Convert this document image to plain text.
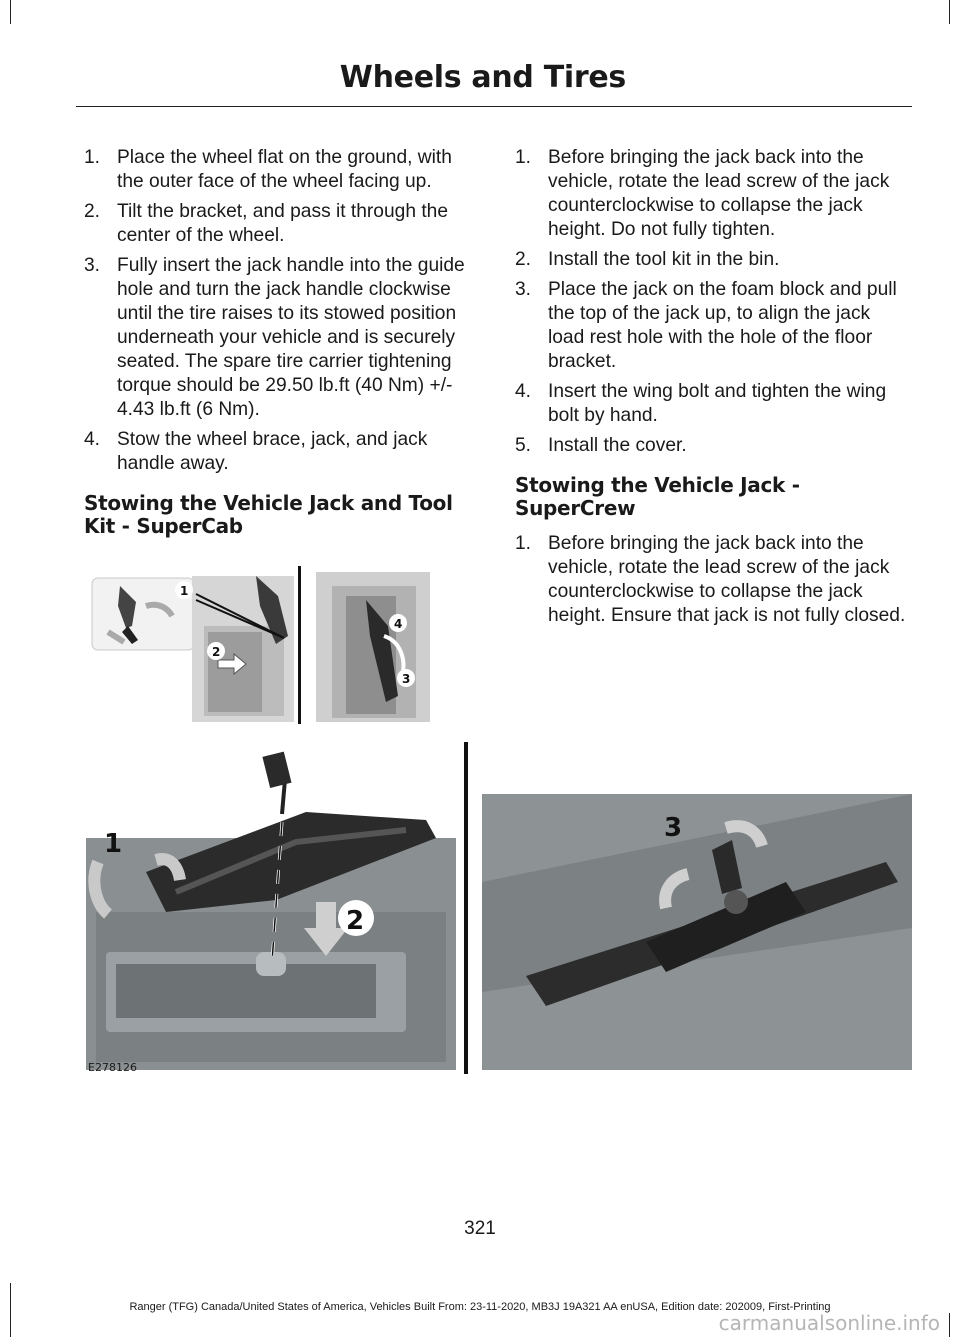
Wheels and Tires
1. Place the wheel flat on the ground, with the outer face of the wheel facing up.
2. Tilt the bracket, and pass it through the center of the wheel.
3. Fully insert the jack handle into the guide hole and turn the jack handle clockwise until the tire raises to its stowed position underneath your vehicle and is securely seated. The spare tire carrier tightening torque should be 29.50 lb.ft (40 Nm) +/- 4.43 lb.ft (6 Nm).
4. Stow the wheel brace, jack, and jack handle away.
Stowing the Vehicle Jack and Tool Kit - SuperCab
1. Before bringing the jack back into the vehicle, rotate the lead screw of the jack counterclockwise to collapse the jack height. Do not fully tighten.
2. Install the tool kit in the bin.
3. Place the jack on the foam block and pull the top of the jack up, to align the jack load rest hole with the hole of the floor bracket.
4. Insert the wing bolt and tighten the wing bolt by hand.
5. Install the cover.
Stowing the Vehicle Jack - SuperCrew
1. Before bringing the jack back into the vehicle, rotate the lead screw of the jack counterclockwise to collapse the jack height. Ensure that jack is not fully closed.
1
2
3
4
1
2
3
E278126
321
Ranger (TFG) Canada/United States of America, Vehicles Built From: 23-11-2020, MB3J 19A321 AA enUSA, Edition date: 202009, First-Printing
carmanualsonline.info
